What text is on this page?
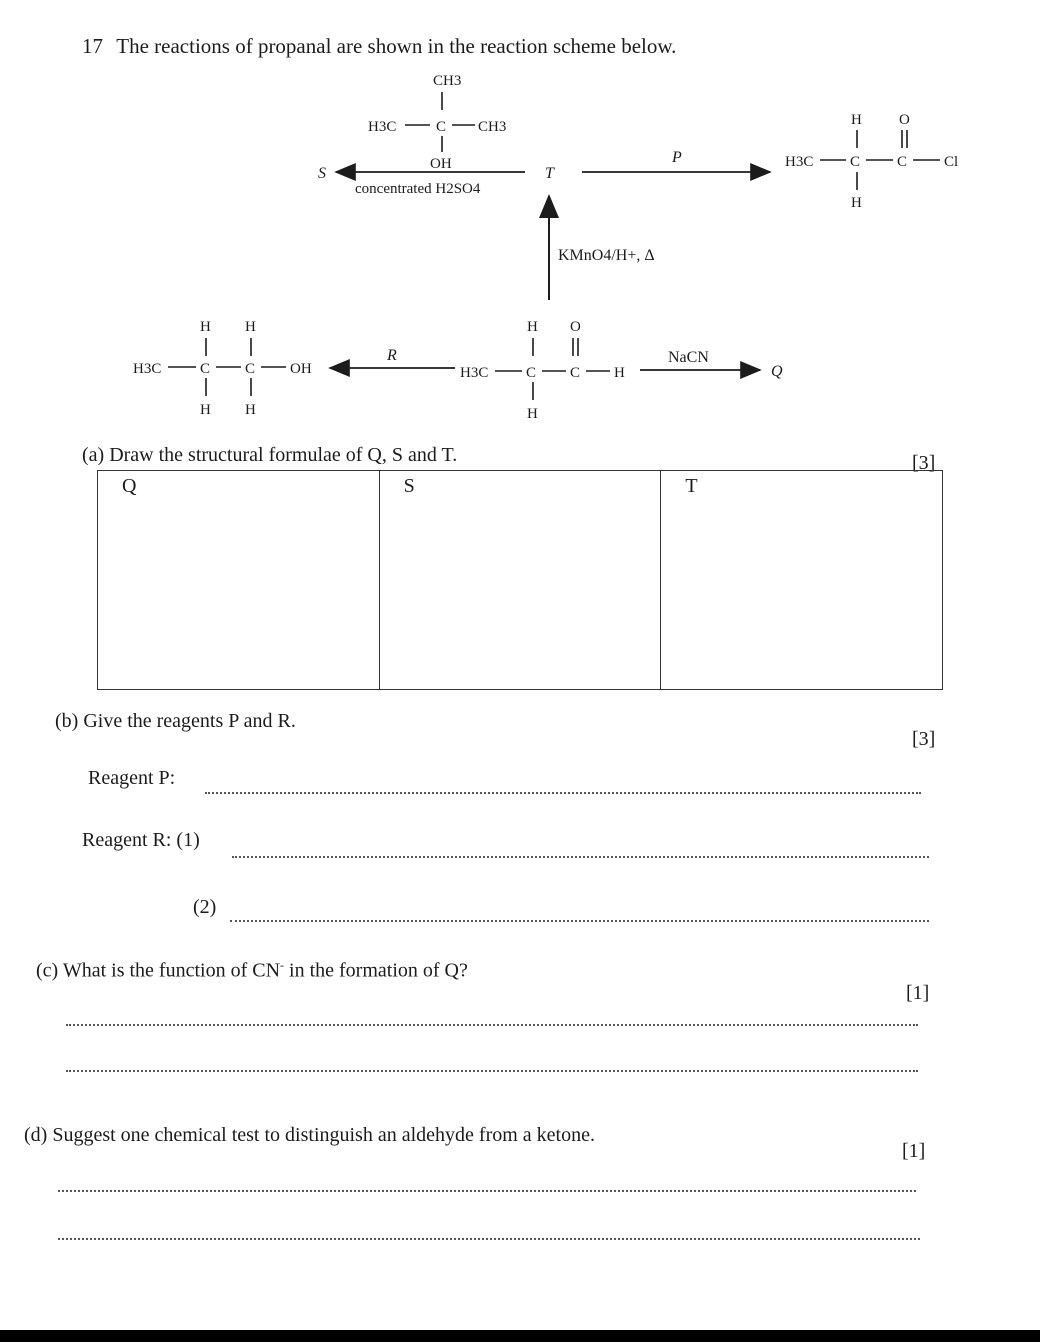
17 The reactions of propanal are shown in the reaction scheme below.
CH3
H3C	C CH3
OH
S
concentrated H2SO4
T
P
H O
H3C C C Cl
H
KMnO4/H+, Δ
H H
H3C	C C OH
H H
R
H O
H3C	C C H
H
NaCN
Q
(a) Draw the structural formulae of Q, S and T.	[3]
Q	S	T
(b) Give the reagents P and R.
[3]
Reagent P:
Reagent R: (1)
(2)
(c) What is the function of CN- in the formation of Q?
[1]
(d) Suggest one chemical test to distinguish an aldehyde from a ketone.
[1]
